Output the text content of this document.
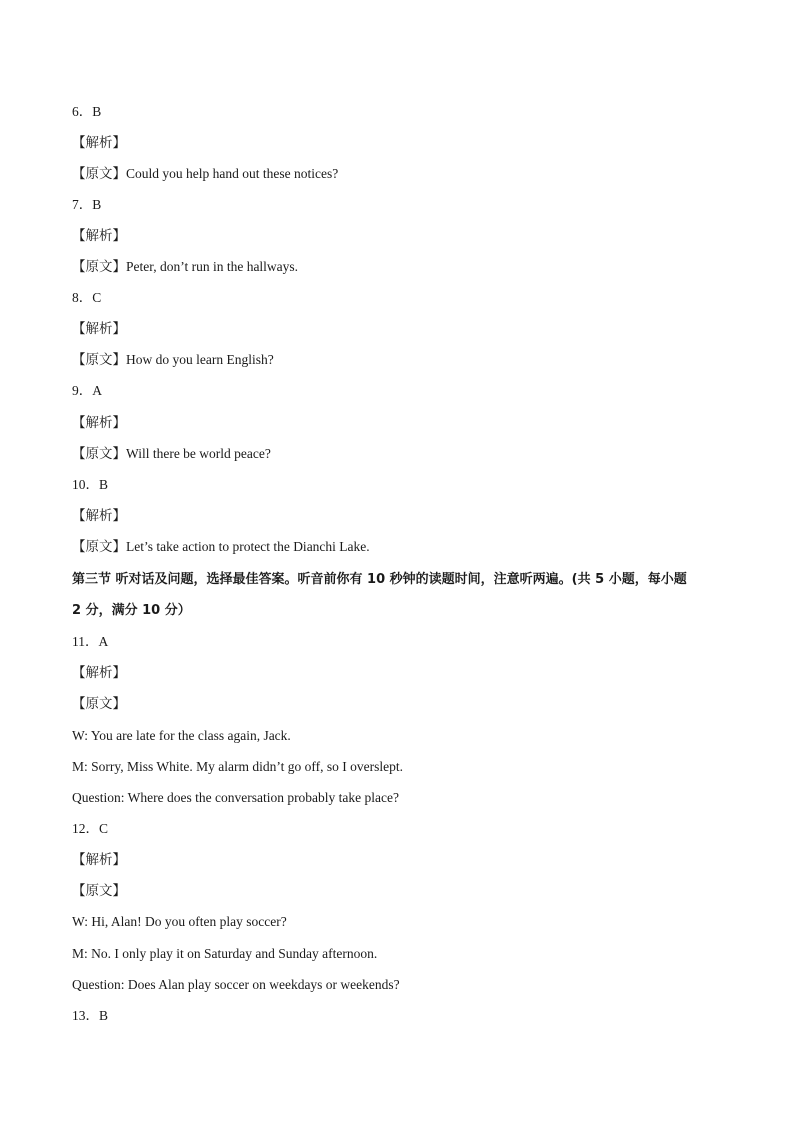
6．B
【解析】
【原文】Could you help hand out these notices?
7．B
【解析】
【原文】Peter, don’t run in the hallways.
8．C
【解析】
【原文】How do you learn English?
9．A
【解析】
【原文】Will there be world peace?
10．B
【解析】
【原文】Let’s take action to protect the Dianchi Lake.
第三节 听对话及问题，选择最佳答案。听音前你有 10 秒钟的读题时间，注意听两遍。(共 5 小题，每小题
2 分，满分 10 分）
11．A
【解析】
【原文】
W: You are late for the class again, Jack.
M: Sorry, Miss White. My alarm didn’t go off, so I overslept.
Question: Where does the conversation probably take place?
12．C
【解析】
【原文】
W: Hi, Alan! Do you often play soccer?
M: No. I only play it on Saturday and Sunday afternoon.
Question: Does Alan play soccer on weekdays or weekends?
13．B
